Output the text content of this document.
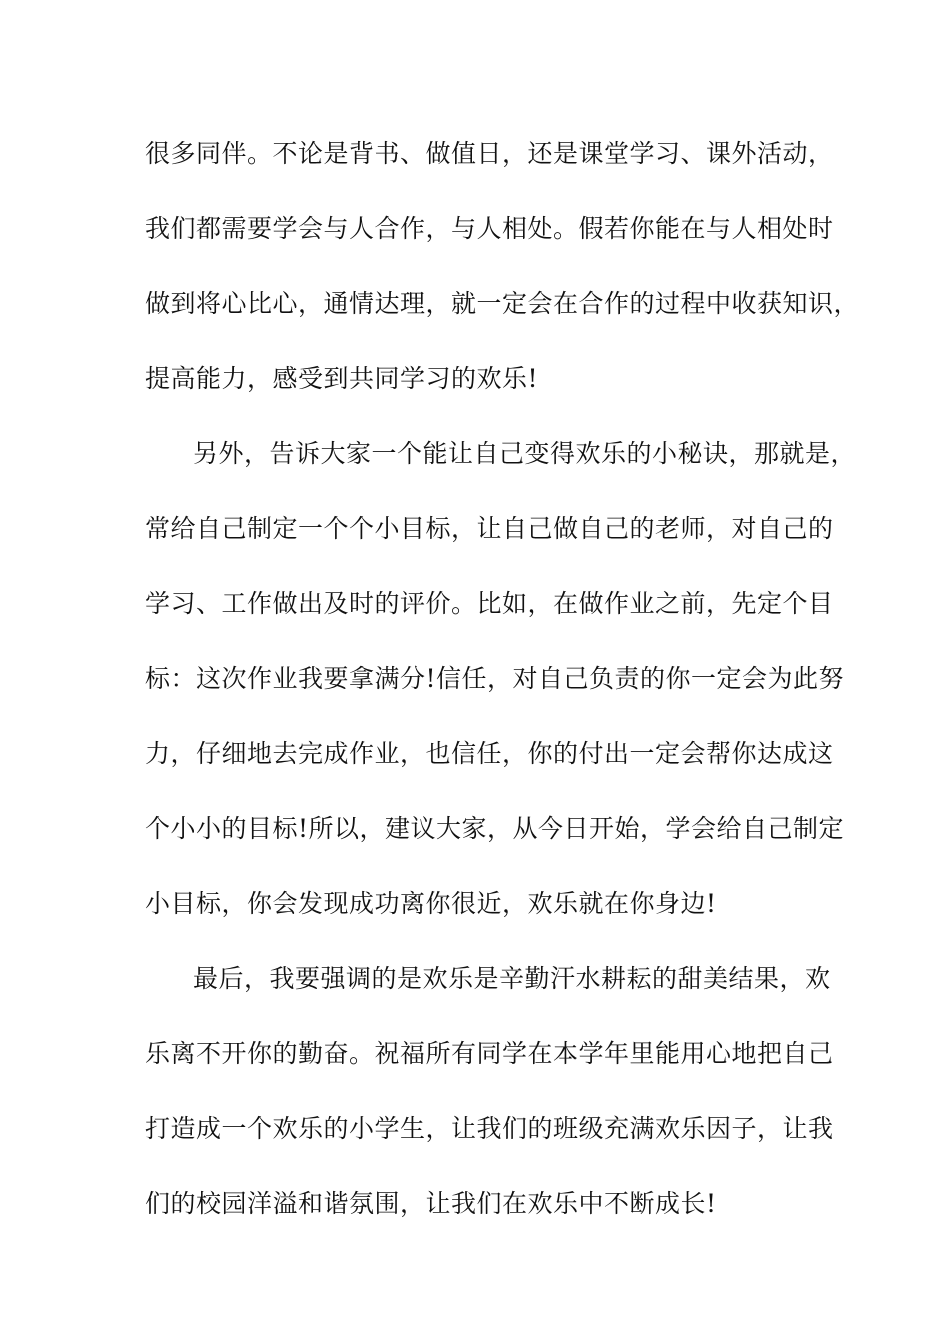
很多同伴。不论是背书、做值日，还是课堂学习、课外活动，
我们都需要学会与人合作，与人相处。假若你能在与人相处时
做到将心比心，通情达理，就一定会在合作的过程中收获知识，
提高能力，感受到共同学习的欢乐!
另外，告诉大家一个能让自己变得欢乐的小秘诀，那就是，
常给自己制定一个个小目标，让自己做自己的老师，对自己的
学习、工作做出及时的评价。比如，在做作业之前，先定个目
标：这次作业我要拿满分!信任，对自己负责的你一定会为此努
力，仔细地去完成作业，也信任，你的付出一定会帮你达成这
个小小的目标!所以，建议大家，从今日开始，学会给自己制定
小目标，你会发现成功离你很近，欢乐就在你身边!
最后，我要强调的是欢乐是辛勤汗水耕耘的甜美结果，欢
乐离不开你的勤奋。祝福所有同学在本学年里能用心地把自己
打造成一个欢乐的小学生，让我们的班级充满欢乐因子，让我
们的校园洋溢和谐氛围，让我们在欢乐中不断成长!
